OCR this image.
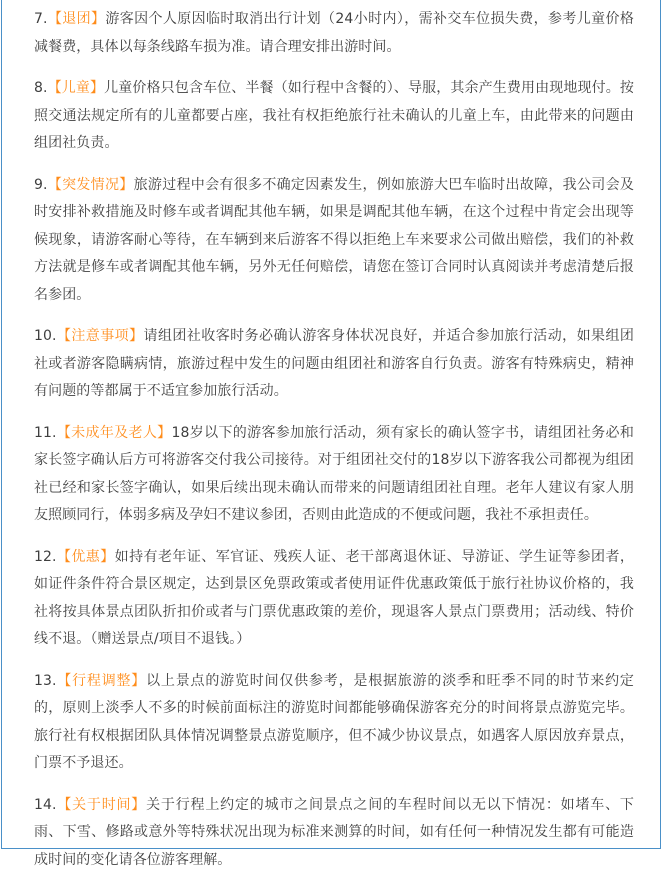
7.【退团】游客因个人原因临时取消出行计划（24小时内），需补交车位损失费，参考儿童价格减餐费，具体以每条线路车损为准。请合理安排出游时间。

8.【儿童】儿童价格只包含车位、半餐（如行程中含餐的）、导服，其余产生费用由现地现付。按照交通法规定所有的儿童都要占座，我社有权拒绝旅行社未确认的儿童上车，由此带来的问题由组团社负责。

9.【突发情况】旅游过程中会有很多不确定因素发生，例如旅游大巴车临时出故障，我公司会及时安排补救措施及时修车或者调配其他车辆，如果是调配其他车辆，在这个过程中肯定会出现等候现象，请游客耐心等待，在车辆到来后游客不得以拒绝上车来要求公司做出赔偿，我们的补救方法就是修车或者调配其他车辆，另外无任何赔偿，请您在签订合同时认真阅读并考虑清楚后报名参团。

10.【注意事项】请组团社收客时务必确认游客身体状况良好，并适合参加旅行活动，如果组团社或者游客隐瞒病情，旅游过程中发生的问题由组团社和游客自行负责。游客有特殊病史，精神有问题的等都属于不适宜参加旅行活动。

11.【未成年及老人】18岁以下的游客参加旅行活动，须有家长的确认签字书，请组团社务必和家长签字确认后方可将游客交付我公司接待。对于组团社交付的18岁以下游客我公司都视为组团社已经和家长签字确认，如果后续出现未确认而带来的问题请组团社自理。老年人建议有家人朋友照顾同行，体弱多病及孕妇不建议参团，否则由此造成的不便或问题，我社不承担责任。

12.【优惠】如持有老年证、军官证、残疾人证、老干部离退休证、导游证、学生证等参团者，如证件条件符合景区规定，达到景区免票政策或者使用证件优惠政策低于旅行社协议价格的，我社将按具体景点团队折扣价或者与门票优惠政策的差价，现退客人景点门票费用；活动线、特价线不退。（赠送景点/项目不退钱。）

13.【行程调整】以上景点的游览时间仅供参考，是根据旅游的淡季和旺季不同的时节来约定的，原则上淡季人不多的时候前面标注的游览时间都能够确保游客充分的时间将景点游览完毕。旅行社有权根据团队具体情况调整景点游览顺序，但不减少协议景点，如遇客人原因放弃景点，门票不予退还。

14.【关于时间】关于行程上约定的城市之间景点之间的车程时间以无以下情况：如堵车、下雨、下雪、修路或意外等特殊状况出现为标准来测算的时间，如有任何一种情况发生都有可能造成时间的变化请各位游客理解。
